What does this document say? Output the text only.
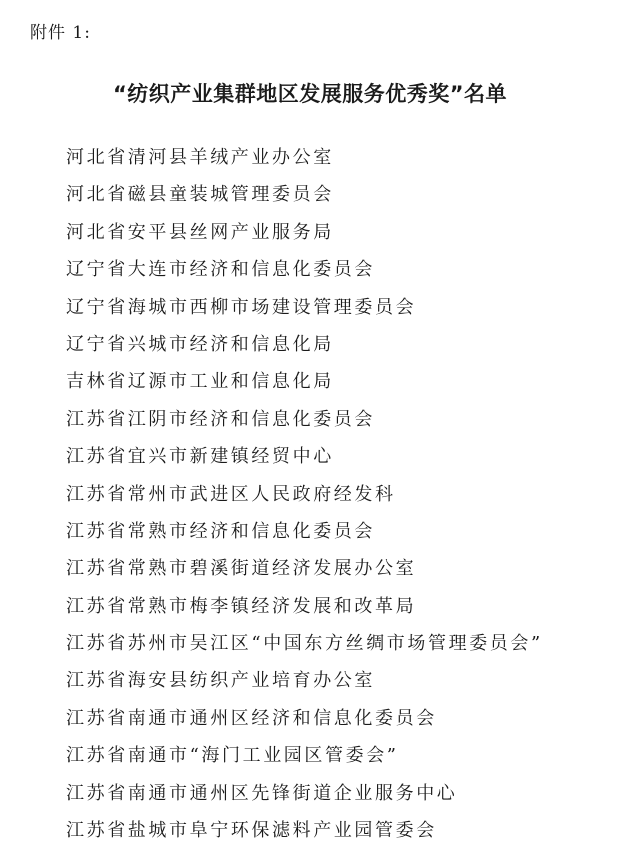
附件 1:
“纺织产业集群地区发展服务优秀奖”名单
河北省清河县羊绒产业办公室
河北省磁县童装城管理委员会
河北省安平县丝网产业服务局
辽宁省大连市经济和信息化委员会
辽宁省海城市西柳市场建设管理委员会
辽宁省兴城市经济和信息化局
吉林省辽源市工业和信息化局
江苏省江阴市经济和信息化委员会
江苏省宜兴市新建镇经贸中心
江苏省常州市武进区人民政府经发科
江苏省常熟市经济和信息化委员会
江苏省常熟市碧溪街道经济发展办公室
江苏省常熟市梅李镇经济发展和改革局
江苏省苏州市吴江区“中国东方丝绸市场管理委员会”
江苏省海安县纺织产业培育办公室
江苏省南通市通州区经济和信息化委员会
江苏省南通市“海门工业园区管委会”
江苏省南通市通州区先锋街道企业服务中心
江苏省盐城市阜宁环保滤料产业园管委会
